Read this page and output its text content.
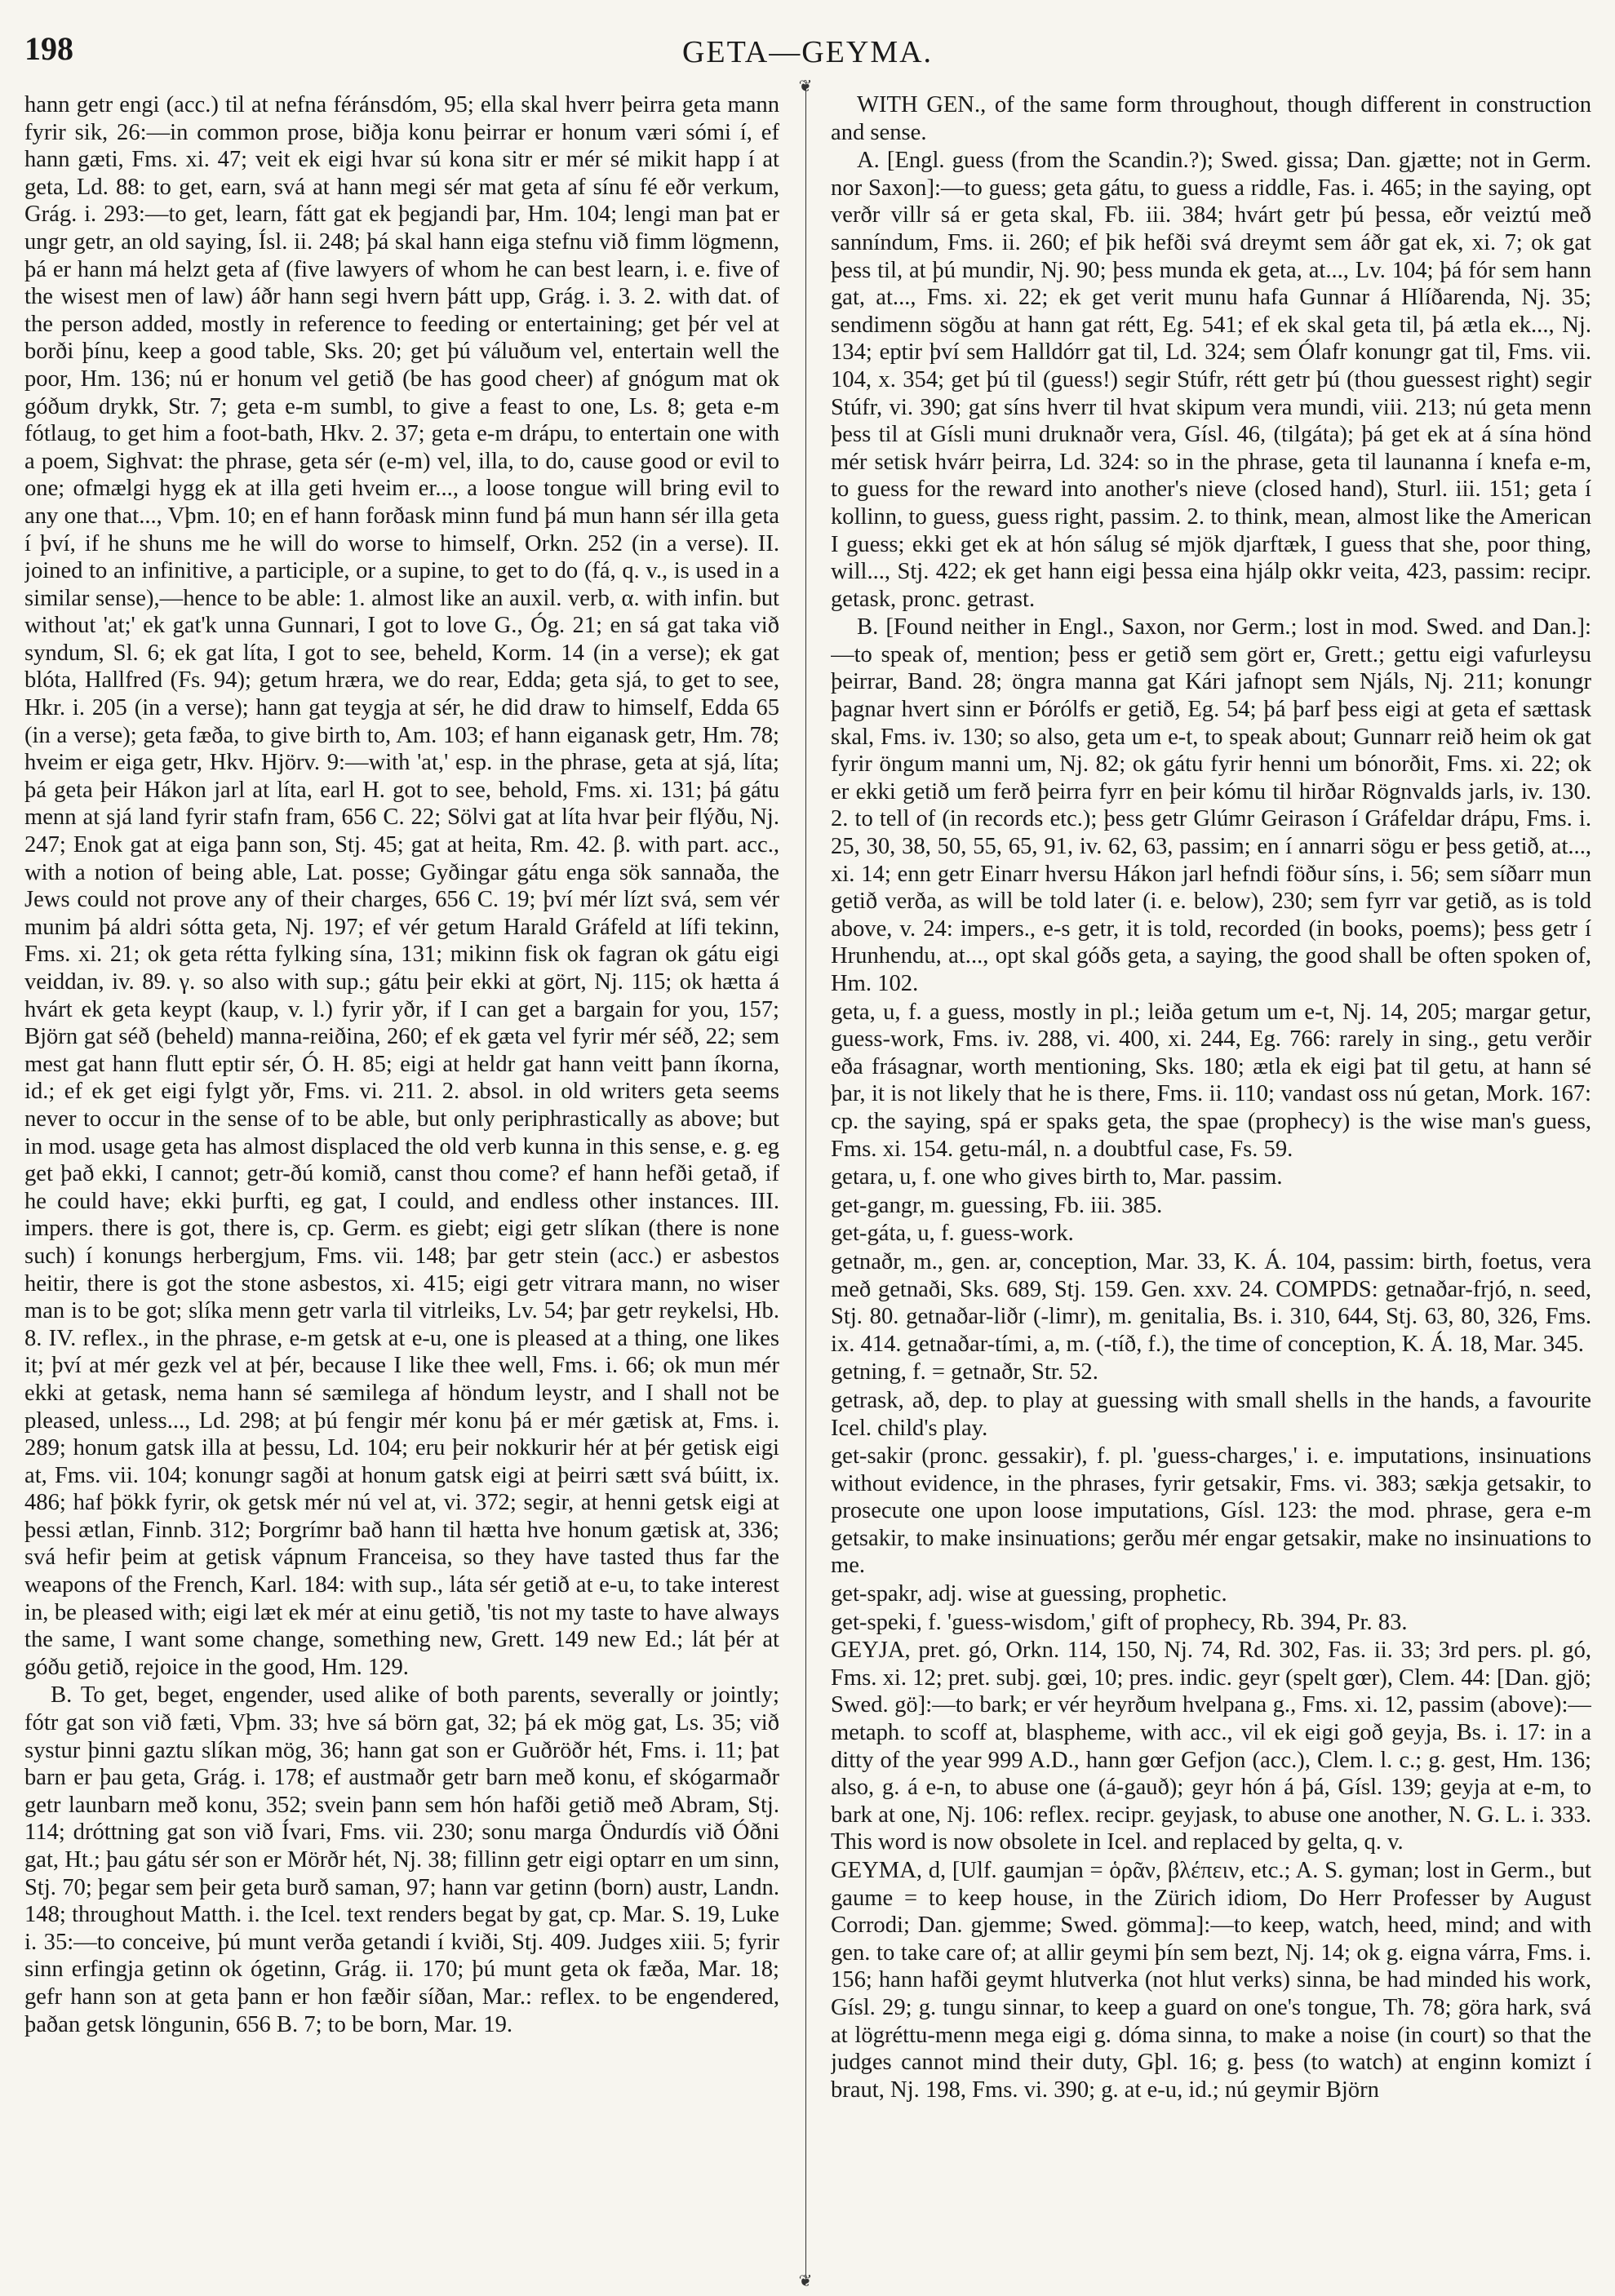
198	GETA—GEYMA.
❦
❦

hann getr engi (acc.) til at nefna féránsdóm, 95; ella skal hverr þeirra geta mann fyrir sik, 26:—in common prose, biðja konu þeirrar er honum væri sómi í, ef hann gæti, Fms. xi. 47; veit ek eigi hvar sú kona sitr er mér sé mikit happ í at geta, Ld. 88: to get, earn, svá at hann megi sér mat geta af sínu fé eðr verkum, Grág. i. 293:—to get, learn, fátt gat ek þegjandi þar, Hm. 104; lengi man þat er ungr getr, an old saying, Ísl. ii. 248; þá skal hann eiga stefnu við fimm lögmenn, þá er hann má helzt geta af (five lawyers of whom he can best learn, i. e. five of the wisest men of law) áðr hann segi hvern þátt upp, Grág. i. 3. 2. with dat. of the person added, mostly in reference to feeding or entertaining; get þér vel at borði þínu, keep a good table, Sks. 20; get þú váluðum vel, entertain well the poor, Hm. 136; nú er honum vel getið (be has good cheer) af gnógum mat ok góðum drykk, Str. 7; geta e-m sumbl, to give a feast to one, Ls. 8; geta e-m fótlaug, to get him a foot-bath, Hkv. 2. 37; geta e-m drápu, to entertain one with a poem, Sighvat: the phrase, geta sér (e-m) vel, illa, to do, cause good or evil to one; ofmælgi hygg ek at illa geti hveim er..., a loose tongue will bring evil to any one that..., Vþm. 10; en ef hann forðask minn fund þá mun hann sér illa geta í því, if he shuns me he will do worse to himself, Orkn. 252 (in a verse). II. joined to an infinitive, a participle, or a supine, to get to do (fá, q. v., is used in a similar sense),—hence to be able: 1. almost like an auxil. verb, α. with infin. but without 'at;' ek gat'k unna Gunnari, I got to love G., Óg. 21; en sá gat taka við syndum, Sl. 6; ek gat líta, I got to see, beheld, Korm. 14 (in a verse); ek gat blóta, Hallfred (Fs. 94); getum hræra, we do rear, Edda; geta sjá, to get to see, Hkr. i. 205 (in a verse); hann gat teygja at sér, he did draw to himself, Edda 65 (in a verse); geta fæða, to give birth to, Am. 103; ef hann eiganask getr, Hm. 78; hveim er eiga getr, Hkv. Hjörv. 9:—with 'at,' esp. in the phrase, geta at sjá, líta; þá geta þeir Hákon jarl at líta, earl H. got to see, behold, Fms. xi. 131; þá gátu menn at sjá land fyrir stafn fram, 656 C. 22; Sölvi gat at líta hvar þeir flýðu, Nj. 247; Enok gat at eiga þann son, Stj. 45; gat at heita, Rm. 42. β. with part. acc., with a notion of being able, Lat. posse; Gyðingar gátu enga sök sannaða, the Jews could not prove any of their charges, 656 C. 19; því mér lízt svá, sem vér munim þá aldri sótta geta, Nj. 197; ef vér getum Harald Gráfeld at lífi tekinn, Fms. xi. 21; ok geta rétta fylking sína, 131; mikinn fisk ok fagran ok gátu eigi veiddan, iv. 89. γ. so also with sup.; gátu þeir ekki at gört, Nj. 115; ok hætta á hvárt ek geta keypt (kaup, v. l.) fyrir yðr, if I can get a bargain for you, 157; Björn gat séð (beheld) manna-reiðina, 260; ef ek gæta vel fyrir mér séð, 22; sem mest gat hann flutt eptir sér, Ó. H. 85; eigi at heldr gat hann veitt þann íkorna, id.; ef ek get eigi fylgt yðr, Fms. vi. 211. 2. absol. in old writers geta seems never to occur in the sense of to be able, but only periphrastically as above; but in mod. usage geta has almost displaced the old verb kunna in this sense, e. g. eg get það ekki, I cannot; getr-ðú komið, canst thou come? ef hann hefði getað, if he could have; ekki þurfti, eg gat, I could, and endless other instances. III. impers. there is got, there is, cp. Germ. es giebt; eigi getr slíkan (there is none such) í konungs herbergjum, Fms. vii. 148; þar getr stein (acc.) er asbestos heitir, there is got the stone asbestos, xi. 415; eigi getr vitrara mann, no wiser man is to be got; slíka menn getr varla til vitrleiks, Lv. 54; þar getr reykelsi, Hb. 8. IV. reflex., in the phrase, e-m getsk at e-u, one is pleased at a thing, one likes it; því at mér gezk vel at þér, because I like thee well, Fms. i. 66; ok mun mér ekki at getask, nema hann sé sæmilega af höndum leystr, and I shall not be pleased, unless..., Ld. 298; at þú fengir mér konu þá er mér gætisk at, Fms. i. 289; honum gatsk illa at þessu, Ld. 104; eru þeir nokkurir hér at þér getisk eigi at, Fms. vii. 104; konungr sagði at honum gatsk eigi at þeirri sætt svá búitt, ix. 486; haf þökk fyrir, ok getsk mér nú vel at, vi. 372; segir, at henni getsk eigi at þessi ætlan, Finnb. 312; Þorgrímr bað hann til hætta hve honum gætisk at, 336; svá hefir þeim at getisk vápnum Franceisa, so they have tasted thus far the weapons of the French, Karl. 184: with sup., láta sér getið at e-u, to take interest in, be pleased with; eigi læt ek mér at einu getið, 'tis not my taste to have always the same, I want some change, something new, Grett. 149 new Ed.; lát þér at góðu getið, rejoice in the good, Hm. 129.

B. To get, beget, engender, used alike of both parents, severally or jointly; fótr gat son við fæti, Vþm. 33; hve sá börn gat, 32; þá ek mög gat, Ls. 35; við systur þinni gaztu slíkan mög, 36; hann gat son er Guðröðr hét, Fms. i. 11; þat barn er þau geta, Grág. i. 178; ef austmaðr getr barn með konu, ef skógarmaðr getr launbarn með konu, 352; svein þann sem hón hafði getið með Abram, Stj. 114; dróttning gat son við Ívari, Fms. vii. 230; sonu marga Öndurdís við Óðni gat, Ht.; þau gátu sér son er Mörðr hét, Nj. 38; fillinn getr eigi optarr en um sinn, Stj. 70; þegar sem þeir geta burð saman, 97; hann var getinn (born) austr, Landn. 148; throughout Matth. i. the Icel. text renders begat by gat, cp. Mar. S. 19, Luke i. 35:—to conceive, þú munt verða getandi í kviði, Stj. 409. Judges xiii. 5; fyrir sinn erfingja getinn ok ógetinn, Grág. ii. 170; þú munt geta ok fæða, Mar. 18; gefr hann son at geta þann er hon fæðir síðan, Mar.: reflex. to be engendered, þaðan getsk löngunin, 656 B. 7; to be born, Mar. 19.

WITH GEN., of the same form throughout, though different in construction and sense.

A. [Engl. guess (from the Scandin.?); Swed. gissa; Dan. gjætte; not in Germ. nor Saxon]:—to guess; geta gátu, to guess a riddle, Fas. i. 465; in the saying, opt verðr villr sá er geta skal, Fb. iii. 384; hvárt getr þú þessa, eðr veiztú með sanníndum, Fms. ii. 260; ef þik hefði svá dreymt sem áðr gat ek, xi. 7; ok gat þess til, at þú mundir, Nj. 90; þess munda ek geta, at..., Lv. 104; þá fór sem hann gat, at..., Fms. xi. 22; ek get verit munu hafa Gunnar á Hlíðarenda, Nj. 35; sendimenn sögðu at hann gat rétt, Eg. 541; ef ek skal geta til, þá ætla ek..., Nj. 134; eptir því sem Halldórr gat til, Ld. 324; sem Ólafr konungr gat til, Fms. vii. 104, x. 354; get þú til (guess!) segir Stúfr, rétt getr þú (thou guessest right) segir Stúfr, vi. 390; gat síns hverr til hvat skipum vera mundi, viii. 213; nú geta menn þess til at Gísli muni druknaðr vera, Gísl. 46, (tilgáta); þá get ek at á sína hönd mér setisk hvárr þeirra, Ld. 324: so in the phrase, geta til launanna í knefa e-m, to guess for the reward into another's nieve (closed hand), Sturl. iii. 151; geta í kollinn, to guess, guess right, passim. 2. to think, mean, almost like the American I guess; ekki get ek at hón sálug sé mjök djarftæk, I guess that she, poor thing, will..., Stj. 422; ek get hann eigi þessa eina hjálp okkr veita, 423, passim: recipr. getask, pronc. getrast.

B. [Found neither in Engl., Saxon, nor Germ.; lost in mod. Swed. and Dan.]:—to speak of, mention; þess er getið sem gört er, Grett.; gettu eigi vafurleysu þeirrar, Band. 28; öngra manna gat Kári jafnopt sem Njáls, Nj. 211; konungr þagnar hvert sinn er Þórólfs er getið, Eg. 54; þá þarf þess eigi at geta ef sættask skal, Fms. iv. 130; so also, geta um e-t, to speak about; Gunnarr reið heim ok gat fyrir öngum manni um, Nj. 82; ok gátu fyrir henni um bónorðit, Fms. xi. 22; ok er ekki getið um ferð þeirra fyrr en þeir kómu til hirðar Rögnvalds jarls, iv. 130. 2. to tell of (in records etc.); þess getr Glúmr Geirason í Gráfeldar drápu, Fms. i. 25, 30, 38, 50, 55, 65, 91, iv. 62, 63, passim; en í annarri sögu er þess getið, at..., xi. 14; enn getr Einarr hversu Hákon jarl hefndi föður síns, i. 56; sem síðarr mun getið verða, as will be told later (i. e. below), 230; sem fyrr var getið, as is told above, v. 24: impers., e-s getr, it is told, recorded (in books, poems); þess getr í Hrunhendu, at..., opt skal góðs geta, a saying, the good shall be often spoken of, Hm. 102.

geta, u, f. a guess, mostly in pl.; leiða getum um e-t, Nj. 14, 205; margar getur, guess-work, Fms. iv. 288, vi. 400, xi. 244, Eg. 766: rarely in sing., getu verðir eða frásagnar, worth mentioning, Sks. 180; ætla ek eigi þat til getu, at hann sé þar, it is not likely that he is there, Fms. ii. 110; vandast oss nú getan, Mork. 167: cp. the saying, spá er spaks geta, the spae (prophecy) is the wise man's guess, Fms. xi. 154. getu-mál, n. a doubtful case, Fs. 59.

getara, u, f. one who gives birth to, Mar. passim.

get-gangr, m. guessing, Fb. iii. 385.

get-gáta, u, f. guess-work.

getnaðr, m., gen. ar, conception, Mar. 33, K. Á. 104, passim: birth, foetus, vera með getnaði, Sks. 689, Stj. 159. Gen. xxv. 24. COMPDS: getnaðar-frjó, n. seed, Stj. 80. getnaðar-liðr (-limr), m. genitalia, Bs. i. 310, 644, Stj. 63, 80, 326, Fms. ix. 414. getnaðar-tími, a, m. (-tíð, f.), the time of conception, K. Á. 18, Mar. 345.

getning, f. = getnaðr, Str. 52.

getrask, að, dep. to play at guessing with small shells in the hands, a favourite Icel. child's play.

get-sakir (pronc. gessakir), f. pl. 'guess-charges,' i. e. imputations, insinuations without evidence, in the phrases, fyrir getsakir, Fms. vi. 383; sækja getsakir, to prosecute one upon loose imputations, Gísl. 123: the mod. phrase, gera e-m getsakir, to make insinuations; gerðu mér engar getsakir, make no insinuations to me.

get-spakr, adj. wise at guessing, prophetic.

get-speki, f. 'guess-wisdom,' gift of prophecy, Rb. 394, Pr. 83.

GEYJA, pret. gó, Orkn. 114, 150, Nj. 74, Rd. 302, Fas. ii. 33; 3rd pers. pl. gó, Fms. xi. 12; pret. subj. gœi, 10; pres. indic. geyr (spelt gœr), Clem. 44: [Dan. gjö; Swed. gö]:—to bark; er vér heyrðum hvelpana g., Fms. xi. 12, passim (above):—metaph. to scoff at, blaspheme, with acc., vil ek eigi goð geyja, Bs. i. 17: in a ditty of the year 999 A.D., hann gœr Gefjon (acc.), Clem. l. c.; g. gest, Hm. 136; also, g. á e-n, to abuse one (á-gauð); geyr hón á þá, Gísl. 139; geyja at e-m, to bark at one, Nj. 106: reflex. recipr. geyjask, to abuse one another, N. G. L. i. 333. This word is now obsolete in Icel. and replaced by gelta, q. v.

GEYMA, d, [Ulf. gaumjan = ὁρᾶν, βλέπειν, etc.; A. S. gyman; lost in Germ., but gaume = to keep house, in the Zürich idiom, Do Herr Professer by August Corrodi; Dan. gjemme; Swed. gömma]:—to keep, watch, heed, mind; and with gen. to take care of; at allir geymi þín sem bezt, Nj. 14; ok g. eigna várra, Fms. i. 156; hann hafði geymt hlutverka (not hlut verks) sinna, be had minded his work, Gísl. 29; g. tungu sinnar, to keep a guard on one's tongue, Th. 78; göra hark, svá at lögréttu-menn mega eigi g. dóma sinna, to make a noise (in court) so that the judges cannot mind their duty, Gþl. 16; g. þess (to watch) at enginn komizt í braut, Nj. 198, Fms. vi. 390; g. at e-u, id.; nú geymir Björn
